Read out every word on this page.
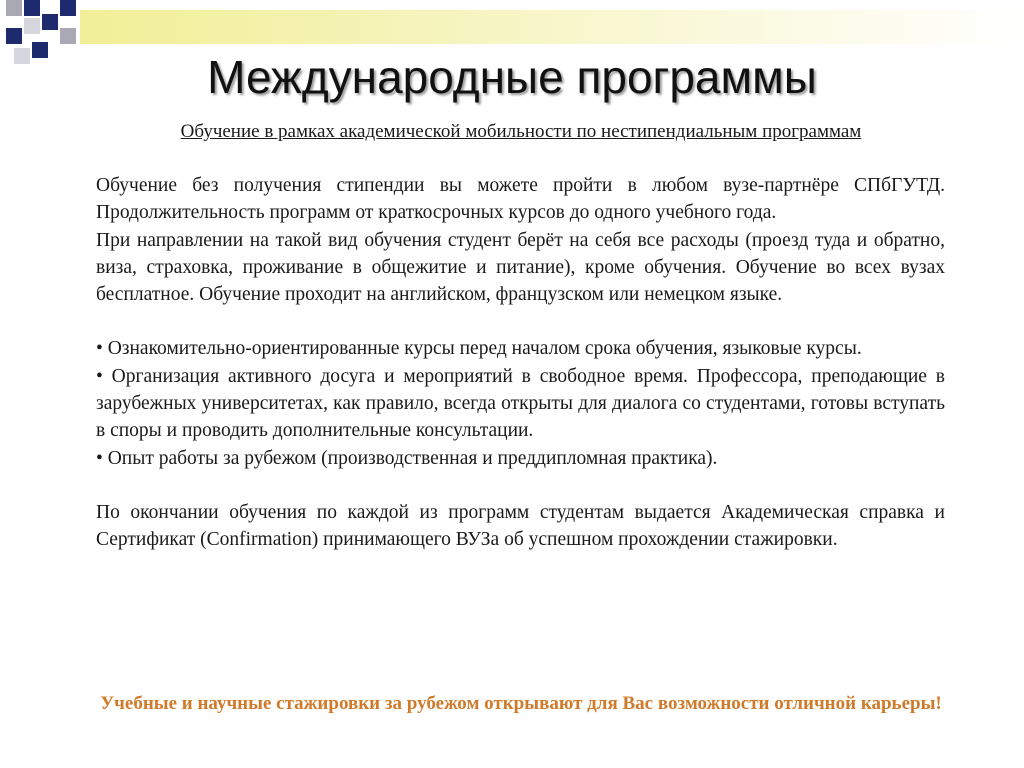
Международные программы

Обучение в рамках академической мобильности по нестипендиальным программам

Обучение без получения стипендии вы можете пройти в любом вузе-партнёре СПбГУТД. Продолжительность программ от краткосрочных курсов до одного учебного года.

При направлении на такой вид обучения студент берёт на себя все расходы (проезд туда и обратно, виза, страховка, проживание в общежитие и питание), кроме обучения. Обучение во всех вузах бесплатное. Обучение проходит на английском, французском или немецком языке.

• Ознакомительно-ориентированные курсы перед началом срока обучения, языковые курсы.

• Организация активного досуга и мероприятий в свободное время. Профессора, преподающие в зарубежных университетах, как правило, всегда открыты для диалога со студентами, готовы вступать в споры и проводить дополнительные консультации.

• Опыт работы за рубежом (производственная и преддипломная практика).

По окончании обучения по каждой из программ студентам выдается Академическая справка и Сертификат (Confirmation) принимающего ВУЗа об успешном прохождении стажировки.

Учебные и научные стажировки за рубежом открывают для Вас возможности отличной карьеры!
